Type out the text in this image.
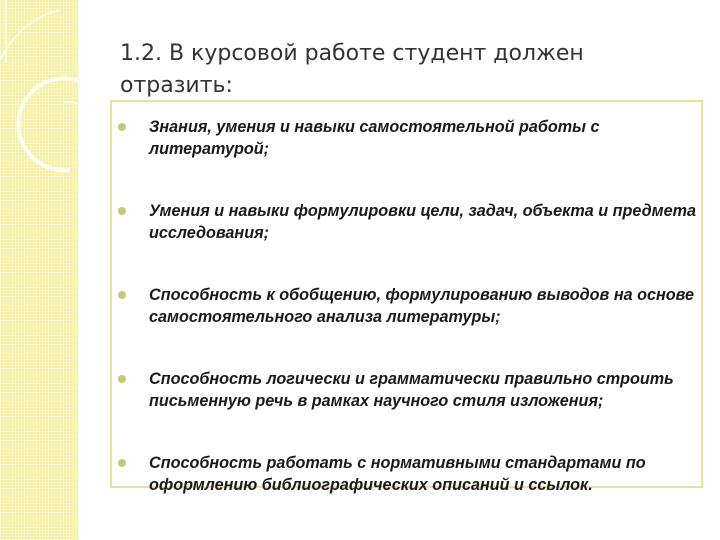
1.2. В курсовой работе студент должен отразить:
Знания, умения и навыки самостоятельной работы с литературой;
Умения и навыки формулировки цели, задач, объекта и предмета исследования;
Способность к обобщению, формулированию выводов на основе самостоятельного анализа литературы;
Способность логически и грамматически правильно строить письменную речь в рамках научного стиля изложения;
Способность работать с нормативными стандартами по оформлению библиографических описаний и ссылок.
